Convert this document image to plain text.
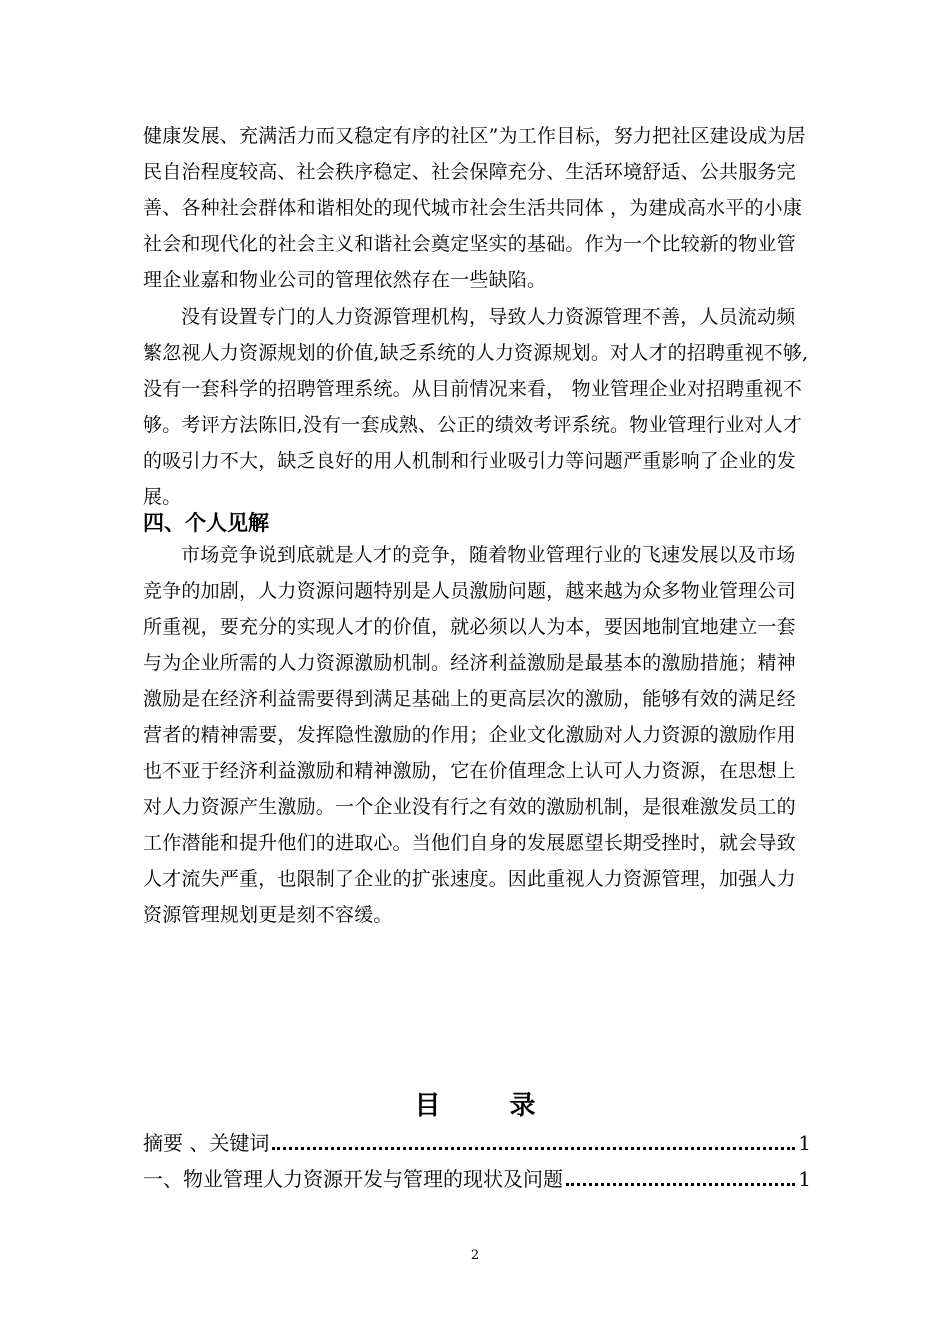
健康发展、充满活力而又稳定有序的社区”为工作目标，努力把社区建设成为居民自治程度较高、社会秩序稳定、社会保障充分、生活环境舒适、公共服务完善、各种社会群体和谐相处的现代城市社会生活共同体 ，为建成高水平的小康社会和现代化的社会主义和谐社会奠定坚实的基础。作为一个比较新的物业管理企业嘉和物业公司的管理依然存在一些缺陷。

没有设置专门的人力资源管理机构，导致人力资源管理不善，人员流动频繁忽视人力资源规划的价值,缺乏系统的人力资源规划。对人才的招聘重视不够,没有一套科学的招聘管理系统。从目前情况来看， 物业管理企业对招聘重视不够。考评方法陈旧,没有一套成熟、公正的绩效考评系统。物业管理行业对人才的吸引力不大，缺乏良好的用人机制和行业吸引力等问题严重影响了企业的发展。

四、个人见解

市场竞争说到底就是人才的竞争，随着物业管理行业的飞速发展以及市场竞争的加剧，人力资源问题特别是人员激励问题，越来越为众多物业管理公司所重视，要充分的实现人才的价值，就必须以人为本，要因地制宜地建立一套与为企业所需的人力资源激励机制。经济利益激励是最基本的激励措施；精神激励是在经济利益需要得到满足基础上的更高层次的激励，能够有效的满足经营者的精神需要，发挥隐性激励的作用；企业文化激励对人力资源的激励作用也不亚于经济利益激励和精神激励，它在价值理念上认可人力资源，在思想上对人力资源产生激励。一个企业没有行之有效的激励机制，是很难激发员工的工作潜能和提升他们的进取心。当他们自身的发展愿望长期受挫时，就会导致人才流失严重，也限制了企业的扩张速度。因此重视人力资源管理，加强人力资源管理规划更是刻不容缓。

目 录
摘要 、关键词	1
一、物业管理人力资源开发与管理的现状及问题	1
2
